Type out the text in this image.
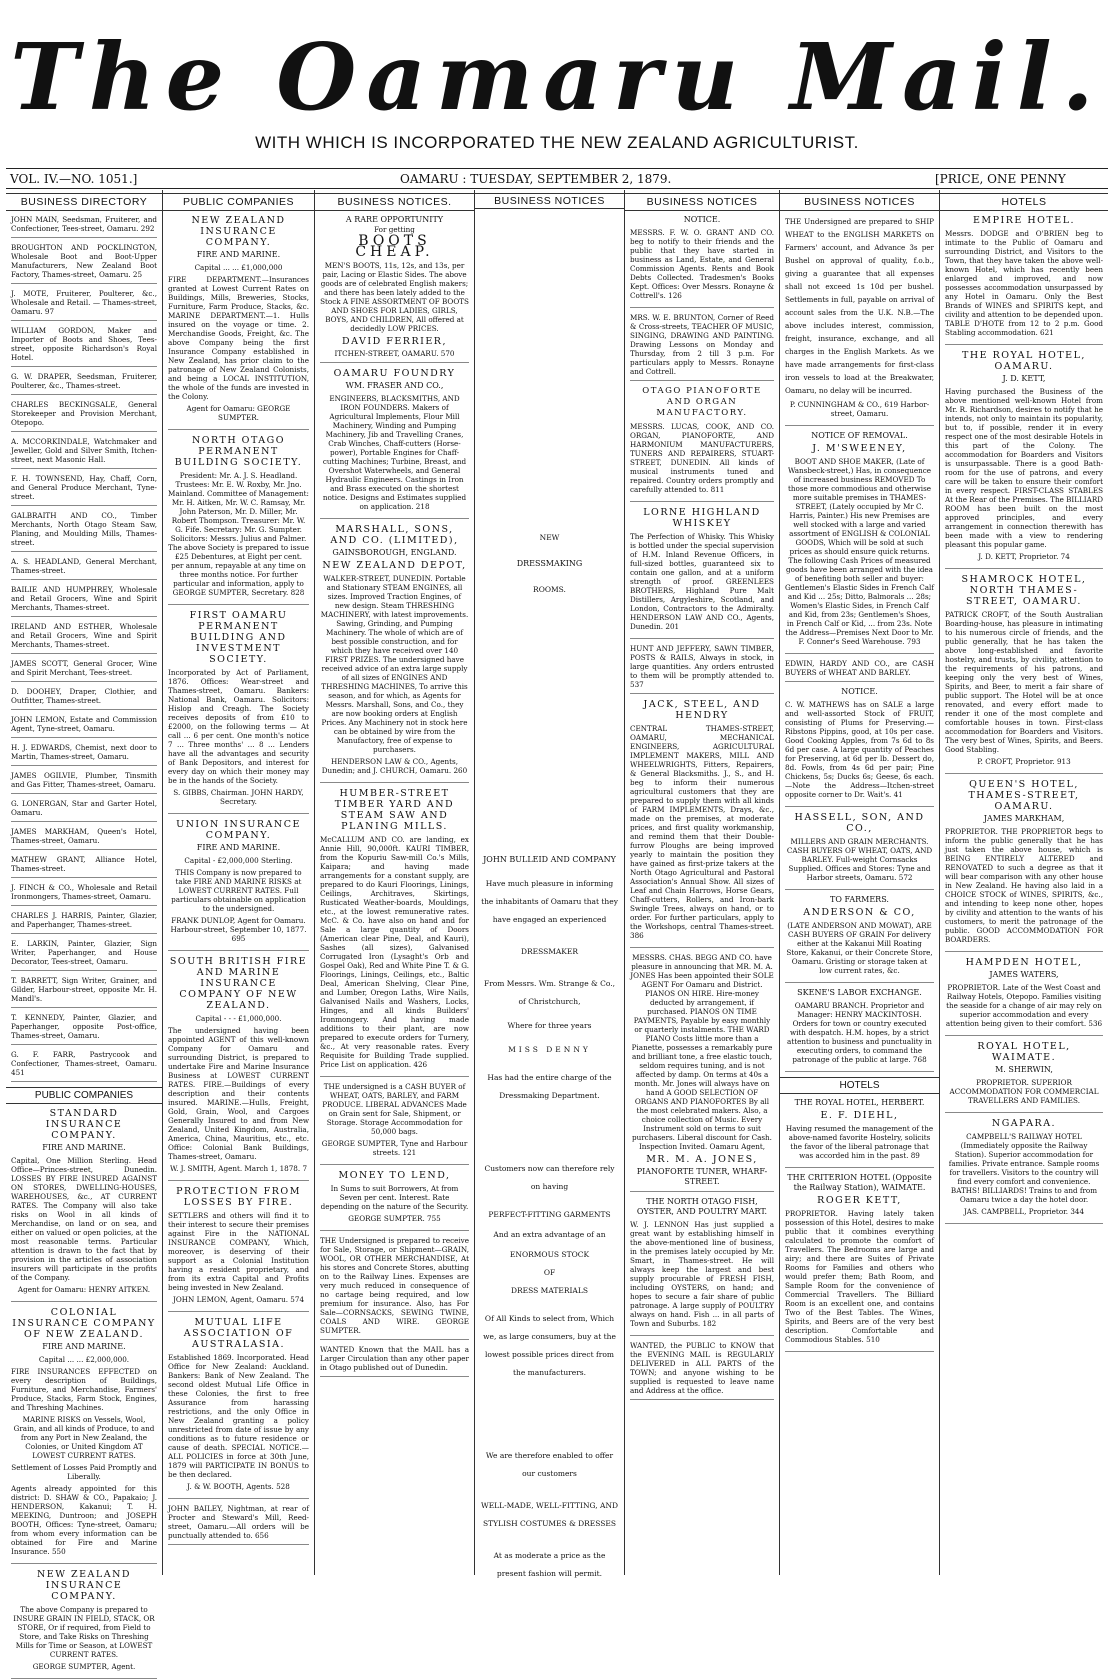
The Oamaru Mail.
WITH WHICH IS INCORPORATED THE NEW ZEALAND AGRICULTURIST.
VOL. IV.—NO. 1051.]	OAMARU : TUESDAY, SEPTEMBER 2, 1879.	[PRICE, ONE PENNY
BUSINESS DIRECTORY
JOHN MAIN, Seedsman, Fruiterer, and Confectioner, Tees-street, Oamaru. 292
BROUGHTON AND POCKLINGTON, Wholesale Boot and Boot-Upper Manufacturers, New Zealand Boot Factory, Thames-street, Oamaru. 25
J. MOTE, Fruiterer, Poulterer, &c., Wholesale and Retail. — Thames-street, Oamaru. 97
WILLIAM GORDON, Maker and Importer of Boots and Shoes, Tees-street, opposite Richardson's Royal Hotel.
G. W. DRAPER, Seedsman, Fruiterer, Poulterer, &c., Thames-street.
CHARLES BECKINGSALE, General Storekeeper and Provision Merchant, Otepopo.
A. MCCORKINDALE, Watchmaker and Jeweller, Gold and Silver Smith, Itchen-street, next Masonic Hall.
F. H. TOWNSEND, Hay, Chaff, Corn, and General Produce Merchant, Tyne-street.
GALBRAITH AND CO., Timber Merchants, North Otago Steam Saw, Planing, and Moulding Mills, Thames-street.
A. S. HEADLAND, General Merchant, Thames-street.
BAILIE AND HUMPHREY, Wholesale and Retail Grocers, Wine and Spirit Merchants, Thames-street.
IRELAND AND ESTHER, Wholesale and Retail Grocers, Wine and Spirit Merchants, Thames-street.
JAMES SCOTT, General Grocer, Wine and Spirit Merchant, Tees-street.
D. DOOHEY, Draper, Clothier, and Outfitter, Thames-street.
JOHN LEMON, Estate and Commission Agent, Tyne-street, Oamaru.
H. J. EDWARDS, Chemist, next door to Martin, Thames-street, Oamaru.
JAMES OGILVIE, Plumber, Tinsmith and Gas Fitter, Thames-street, Oamaru.
G. LONERGAN, Star and Garter Hotel, Oamaru.
JAMES MARKHAM, Queen's Hotel, Thames-street, Oamaru.
MATHEW GRANT, Alliance Hotel, Thames-street.
J. FINCH & CO., Wholesale and Retail Ironmongers, Thames-street, Oamaru.
CHARLES J. HARRIS, Painter, Glazier, and Paperhanger, Thames-street.
E. LARKIN, Painter, Glazier, Sign Writer, Paperhanger, and House Decorator, Tees-street, Oamaru.
T. BARRETT, Sign Writer, Grainer, and Gilder, Harbour-street, opposite Mr. H. Mandl's.
T. KENNEDY, Painter, Glazier, and Paperhanger, opposite Post-office, Thames-street, Oamaru.
G. F. FARR, Pastrycook and Confectioner, Thames-street, Oamaru. 451
PUBLIC COMPANIES
STANDARD INSURANCE COMPANY.
FIRE AND MARINE.

Capital, One Million Sterling. Head Office—Princes-street, Dunedin. LOSSES BY FIRE INSURED AGAINST ON STORES, DWELLING-HOUSES, WAREHOUSES, &c., AT CURRENT RATES. The Company will also take risks on Wool in all kinds of Merchandise, on land or on sea, and either on valued or open policies, at the most reasonable terms. Particular attention is drawn to the fact that by provision in the articles of association insurers will participate in the profits of the Company.

Agent for Oamaru: HENRY AITKEN.

COLONIAL INSURANCE COMPANY OF NEW ZEALAND.
FIRE AND MARINE.

Capital ... ... £2,000,000.

FIRE INSURANCES EFFECTED on every description of Buildings, Furniture, and Merchandise, Farmers' Produce, Stacks, Farm Stock, Engines, and Threshing Machines.

MARINE RISKS on Vessels, Wool, Grain, and all kinds of Produce, to and from any Port in New Zealand, the Colonies, or United Kingdom AT LOWEST CURRENT RATES.

Settlement of Losses Paid Promptly and Liberally.

Agents already appointed for this district: D. SHAW & CO., Papakaio; J. HENDERSON, Kakanui; T. H. MEEKING, Duntroon; and JOSEPH BOOTH, Offices: Tyne-street, Oamaru; from whom every information can be obtained for Fire and Marine Insurance. 550

NEW ZEALAND INSURANCE COMPANY.

The above Company is prepared to INSURE GRAIN IN FIELD, STACK, OR STORE, Or if required, from Field to Store, and Take Risks on Threshing Mills for Time or Season, at LOWEST CURRENT RATES.

GEORGE SUMPTER, Agent.

PUBLIC COMPANIES
NEW ZEALAND INSURANCE COMPANY.
FIRE AND MARINE.

Capital ... ... £1,000,000

FIRE DEPARTMENT.—Insurances granted at Lowest Current Rates on Buildings, Mills, Breweries, Stocks, Furniture, Farm Produce, Stacks, &c. MARINE DEPARTMENT.—1. Hulls insured on the voyage or time. 2. Merchandise Goods, Freight, &c. The above Company being the first Insurance Company established in New Zealand, has prior claim to the patronage of New Zealand Colonists, and being a LOCAL INSTITUTION, the whole of the funds are invested in the Colony.

Agent for Oamaru: GEORGE SUMPTER.

NORTH OTAGO PERMANENT BUILDING SOCIETY.

President: Mr. A. J. S. Headland. Trustees: Mr. E. W. Roxby, Mr. Jno. Mainland. Committee of Management: Mr. H. Aitken, Mr. W. C. Ramsay, Mr. John Paterson, Mr. D. Miller, Mr. Robert Thompson. Treasurer: Mr. W. G. Fife. Secretary: Mr. G. Sumpter. Solicitors: Messrs. Julius and Palmer. The above Society is prepared to issue £25 Debentures, at Eight per cent. per annum, repayable at any time on three months notice. For further particular and information, apply to GEORGE SUMPTER, Secretary. 828

FIRST OAMARU PERMANENT BUILDING AND INVESTMENT SOCIETY.

Incorporated by Act of Parliament, 1876. Offices: Wear-street and Thames-street, Oamaru. Bankers: National Bank, Oamaru. Solicitors: Hislop and Creagh. The Society receives deposits of from £10 to £2000, on the following terms — At call ... 6 per cent. One month's notice 7 ... Three months' ... 8 ... Lenders have all the advantages and security of Bank Depositors, and interest for every day on which their money may be in the hands of the Society.

S. GIBBS, Chairman. JOHN HARDY, Secretary.

UNION INSURANCE COMPANY.
FIRE AND MARINE.

Capital - £2,000,000 Sterling.

THIS Company is now prepared to take FIRE AND MARINE RISKS at LOWEST CURRENT RATES. Full particulars obtainable on application to the undersigned.

FRANK DUNLOP, Agent for Oamaru. Harbour-street, September 10, 1877. 695

SOUTH BRITISH FIRE AND MARINE INSURANCE COMPANY OF NEW ZEALAND.

Capital - - - £1,000,000.

The undersigned having been appointed AGENT of this well-known Company for Oamaru and surrounding District, is prepared to undertake Fire and Marine Insurance Business at LOWEST CURRENT RATES. FIRE.—Buildings of every description and their contents insured. MARINE.—Hulls, Freight, Gold, Grain, Wool, and Cargoes Generally Insured to and from New Zealand, United Kingdom, Australia, America, China, Mauritius, etc., etc. Office: Colonial Bank Buildings, Thames-street, Oamaru.

W. J. SMITH, Agent. March 1, 1878. 7

PROTECTION FROM LOSSES BY FIRE.

SETTLERS and others will find it to their interest to secure their premises against Fire in the NATIONAL INSURANCE COMPANY, Which, moreover, is deserving of their support as a Colonial Institution having a resident proprietary, and from its extra Capital and Profits being invested in New Zealand.

JOHN LEMON, Agent, Oamaru. 574

MUTUAL LIFE ASSOCIATION OF AUSTRALASIA.

Established 1869. Incorporated. Head Office for New Zealand: Auckland. Bankers: Bank of New Zealand. The second oldest Mutual Life Office in these Colonies, the first to free Assurance from harassing restrictions, and the only Office in New Zealand granting a policy unrestricted from date of issue by any conditions as to future residence or cause of death. SPECIAL NOTICE.—ALL POLICIES in force at 30th June, 1879 will PARTICIPATE IN BONUS to be then declared.

J. & W. BOOTH, Agents. 528

JOHN BAILEY, Nightman, at rear of Procter and Steward's Mill, Reed-street, Oamaru.—All orders will be punctually attended to. 656
BUSINESS NOTICES.
A RARE OPPORTUNITY
For getting
BOOTS CHEAP.

MEN'S BOOTS, 11s, 12s, and 13s, per pair, Lacing or Elastic Sides. The above goods are of celebrated English makers; and there has been lately added to the Stock A FINE ASSORTMENT OF BOOTS AND SHOES FOR LADIES, GIRLS, BOYS, AND CHILDREN, All offered at decidedly LOW PRICES.

DAVID FERRIER,
ITCHEN-STREET, OAMARU. 570
OAMARU FOUNDRY
WM. FRASER AND CO.,

ENGINEERS, BLACKSMITHS, AND IRON FOUNDERS. Makers of Agricultural Implements, Flour Mill Machinery, Winding and Pumping Machinery, Jib and Travelling Cranes, Crab Winches, Chaff-cutters (Horse-power), Portable Engines for Chaff-cutting Machines; Turbine, Breast, and Overshot Waterwheels, and General Hydraulic Engineers. Castings in Iron and Brass executed on the shortest notice. Designs and Estimates supplied on application. 218

MARSHALL, SONS, AND CO. (LIMITED),
GAINSBOROUGH, ENGLAND.
NEW ZEALAND DEPOT,

WALKER-STREET, DUNEDIN. Portable and Stationary STEAM ENGINES, all sizes. Improved Traction Engines, of new design. Steam THRESHING MACHINERY, with latest improvements. Sawing, Grinding, and Pumping Machinery. The whole of which are of best possible construction, and for which they have received over 140 FIRST PRIZES. The undersigned have received advice of an extra large supply of all sizes of ENGINES AND THRESHING MACHINES, To arrive this season, and for which, as Agents for Messrs. Marshall, Sons, and Co., they are now booking orders at English Prices. Any Machinery not in stock here can be obtained by wire from the Manufactory, free of expense to purchasers.

HENDERSON LAW & CO., Agents, Dunedin; and J. CHURCH, Oamaru. 260

HUMBER-STREET TIMBER YARD AND STEAM SAW AND PLANING MILLS.

McCALLUM AND CO. are landing, ex Annie Hill, 90,000ft. KAURI TIMBER, from the Kopuriu Saw-mill Co.'s Mills, Kaipara; and having made arrangements for a constant supply, are prepared to do Kauri Floorings, Linings, Ceilings, Architraves, Skirtings, Rusticated Weather-boards, Mouldings, etc., at the lowest remunerative rates. McC. & Co. have also on hand and for Sale a large quantity of Doors (American clear Pine, Deal, and Kauri), Sashes (all sizes), Galvanised Corrugated Iron (Lysaght's Orb and Gospel Oak), Red and White Pine T. & G. Floorings, Linings, Ceilings, etc., Baltic Deal, American Shelving, Clear Pine, and Lumber, Oregon Laths, Wire Nails, Galvanised Nails and Washers, Locks, Hinges, and all kinds Builders' Ironmongery. And having made additions to their plant, are now prepared to execute orders for Turnery, &c., At very reasonable rates. Every Requisite for Building Trade supplied. Price List on application. 426

THE undersigned is a CASH BUYER of WHEAT, OATS, BARLEY, and FARM PRODUCE. LIBERAL ADVANCES Made on Grain sent for Sale, Shipment, or Storage. Storage Accommodation for 50,000 bags.

GEORGE SUMPTER, Tyne and Harbour streets. 121

MONEY TO LEND,

In Sums to suit Borrowers, At from Seven per cent. Interest. Rate depending on the nature of the Security.

GEORGE SUMPTER. 755

THE Undersigned is prepared to receive for Sale, Storage, or Shipment—GRAIN, WOOL, OR OTHER MERCHANDISE, At his stores and Concrete Stores, abutting on to the Railway Lines. Expenses are very much reduced in consequence of no cartage being required, and low premium for insurance. Also, has For Sale—CORNSACKS, SEWING TWINE, COALS AND WIRE. GEORGE SUMPTER.
WANTED Known that the MAIL has a Larger Circulation than any other paper in Otago published out of Dunedin.
BUSINESS NOTICES
NEW
DRESSMAKING
ROOMS.
JOHN BULLEID AND COMPANY

Have much pleasure in informing the inhabitants of Oamaru that they have engaged an experienced

DRESSMAKER

From Messrs. Wm. Strange & Co., of Christchurch,

Where for three years

MISS DENNY

Has had the entire charge of the Dressmaking Department.

Customers now can therefore rely on having

PERFECT-FITTING GARMENTS

And an extra advantage of an

ENORMOUS STOCK

OF

DRESS MATERIALS

Of All Kinds to select from, Which we, as large consumers, buy at the lowest possible prices direct from the manufacturers.

We are therefore enabled to offer our customers

WELL-MADE, WELL-FITTING, AND STYLISH COSTUMES & DRESSES

At as moderate a price as the present fashion will permit.

BUSINESS NOTICES
NOTICE.

MESSRS. F. W. O. GRANT AND CO. beg to notify to their friends and the public that they have started in business as Land, Estate, and General Commission Agents. Rents and Book Debts Collected. Tradesmen's Books Kept. Offices: Over Messrs. Ronayne & Cottrell's. 126

MRS. W. E. BRUNTON, Corner of Reed & Cross-streets, TEACHER OF MUSIC, SINGING, DRAWING AND PAINTING. Drawing Lessons on Monday and Thursday, from 2 till 3 p.m. For particulars apply to Messrs. Ronayne and Cottrell.
OTAGO PIANOFORTE AND ORGAN MANUFACTORY.

MESSRS. LUCAS, COOK, AND CO. ORGAN, PIANOFORTE, AND HARMONIUM MANUFACTURERS, TUNERS AND REPAIRERS, STUART-STREET, DUNEDIN. All kinds of musical instruments tuned and repaired. Country orders promptly and carefully attended to. 811

LORNE HIGHLAND WHISKEY

The Perfection of Whisky. This Whisky is bottled under the special supervision of H.M. Inland Revenue Officers, in full-sized bottles, guaranteed six to contain one gallon, and at a uniform strength of proof. GREENLEES BROTHERS, Highland Pure Malt Distillers, Argyleshire, Scotland, and London, Contractors to the Admiralty. HENDERSON LAW AND CO., Agents, Dunedin. 201

HUNT AND JEFFERY, SAWN TIMBER, POSTS & RAILS, Always in stock, in large quantities. Any orders entrusted to them will be promptly attended to. 537
JACK, STEEL, AND HENDRY

CENTRAL THAMES-STREET, OAMARU, MECHANICAL ENGINEERS, AGRICULTURAL IMPLEMENT MAKERS, MILL AND WHEELWRIGHTS, Fitters, Repairers, & General Blacksmiths. J., S., and H. beg to inform their numerous agricultural customers that they are prepared to supply them with all kinds of FARM IMPLEMENTS, Drays, &c., made on the premises, at moderate prices, and first quality workmanship, and remind them that their Double-furrow Ploughs are being improved yearly to maintain the position they have gained as first-prize takers at the North Otago Agricultural and Pastoral Association's Annual Show. All sizes of Leaf and Chain Harrows, Horse Gears, Chaff-cutters, Rollers, and Iron-bark Swingle Trees, always on hand, or to order. For further particulars, apply to the Workshops, central Thames-street. 386

MESSRS. CHAS. BEGG AND CO. have pleasure in announcing that MR. M. A. JONES Has been appointed their SOLE AGENT For Oamaru and District. PIANOS ON HIRE. Hire-money deducted by arrangement, if purchased. PIANOS ON TIME PAYMENTS, Payable by easy monthly or quarterly instalments. THE WARD PIANO Costs little more than a Pianette, possesses a remarkably pure and brilliant tone, a free elastic touch, seldom requires tuning, and is not affected by damp. On terms at 40s a month. Mr. Jones will always have on hand A GOOD SELECTION OF ORGANS AND PIANOFORTES By all the most celebrated makers. Also, a choice collection of Music. Every Instrument sold on terms to suit purchasers. Liberal discount for Cash. Inspection Invited. Oamaru Agent,

MR. M. A. JONES,
PIANOFORTE TUNER, WHARF-STREET.
THE NORTH OTAGO FISH, OYSTER, AND POULTRY MART.

W. J. LENNON Has just supplied a great want by establishing himself in the above-mentioned line of business, in the premises lately occupied by Mr. Smart, in Thames-street. He will always keep the largest and best supply procurable of FRESH FISH, including OYSTERS, on hand; and hopes to secure a fair share of public patronage. A large supply of POULTRY always on hand. Fish ... in all parts of Town and Suburbs. 182

WANTED, the PUBLIC to KNOW that the EVENING MAIL is REGULARLY DELIVERED in ALL PARTS of the TOWN; and anyone wishing to be supplied is requested to leave name and Address at the office.
BUSINESS NOTICES

THE Undersigned are prepared to SHIP WHEAT to the ENGLISH MARKETS on Farmers' account, and Advance 3s per Bushel on approval of quality, f.o.b., giving a guarantee that all expenses shall not exceed 1s 10d per bushel. Settlements in full, payable on arrival of account sales from the U.K. N.B.—The above includes interest, commission, freight, insurance, exchange, and all charges in the English Markets. As we have made arrangements for first-class iron vessels to load at the Breakwater, Oamaru, no delay will be incurred.

P. CUNNINGHAM & CO., 619 Harbor-street, Oamaru.

NOTICE OF REMOVAL.
J. M'SWEENEY,

BOOT AND SHOE MAKER, (Late of Wansbeck-street,) Has, in consequence of increased business REMOVED To those more commodious and otherwise more suitable premises in THAMES-STREET, (Lately occupied by Mr C. Harris, Painter.) His new Premises are well stocked with a large and varied assortment of ENGLISH & COLONIAL GOODS, Which will be sold at such prices as should ensure quick returns. The following Cash Prices of measured goods have been arranged with the idea of benefiting both seller and buyer: Gentlemen's Elastic Sides in French Calf and Kid ... 25s; Ditto, Balmorals ... 28s; Women's Elastic Sides, in French Calf and Kid, from 23s; Gentlemen's Shoes, in French Calf or Kid, ... from 23s. Note the Address—Premises Next Door to Mr. F. Conner's Seed Warehouse. 793

EDWIN, HARDY AND CO., are CASH BUYERS of WHEAT AND BARLEY.
NOTICE.

C. W. MATHEWS has on SALE a large and well-assorted Stock of FRUIT, consisting of Plums for Preserving.—Ribstons Pippins, good, at 10s per case. Good Cooking Apples, from 7s 6d to 8s 6d per case. A large quantity of Peaches for Preserving, at 6d per lb. Dessert do, 8d. Fowls, from 4s 6d per pair; Pine Chickens, 5s; Ducks 6s; Geese, 6s each.—Note the Address—Itchen-street opposite corner to Dr. Wait's. 41

HASSELL, SON, AND CO.,

MILLERS AND GRAIN MERCHANTS. CASH BUYERS OF WHEAT, OATS, AND BARLEY. Full-weight Cornsacks Supplied. Offices and Stores: Tyne and Harbor streets, Oamaru. 572

TO FARMERS.
ANDERSON & CO,

(LATE ANDERSON AND MOWAT), ARE CASH BUYERS OF GRAIN For delivery either at the Kakanui Mill Roating Store, Kakanui, or their Concrete Store, Oamaru. Gristing or storage taken at low current rates, &c.

SKENE'S LABOR EXCHANGE.

OAMARU BRANCH. Proprietor and Manager: HENRY MACKINTOSH. Orders for town or country executed with despatch. H.M. hopes, by a strict attention to business and punctuality in executing orders, to command the patronage of the public at large. 768

HOTELS
THE ROYAL HOTEL, HERBERT.
E. F. DIEHL,

Having resumed the management of the above-named favorite Hostelry, solicits the favor of the liberal patronage that was accorded him in the past. 89

THE CRITERION HOTEL (Opposite the Railway Station), WAIMATE.
ROGER KETT,

PROPRIETOR. Having lately taken possession of this Hotel, desires to make public that it combines everything calculated to promote the comfort of Travellers. The Bedrooms are large and airy; and there are Suites of Private Rooms for Families and others who would prefer them; Bath Room, and Sample Room for the convenience of Commercial Travellers. The Billiard Room is an excellent one, and contains Two of the Best Tables. The Wines, Spirits, and Beers are of the very best description. Comfortable and Commodious Stables. 510

HOTELS
EMPIRE HOTEL.

Messrs. DODGE and O'BRIEN beg to intimate to the Public of Oamaru and surrounding District, and Visitors to the Town, that they have taken the above well-known Hotel, which has recently been enlarged and improved, and now possesses accommodation unsurpassed by any Hotel in Oamaru. Only the Best Brands of WINES and SPIRITS kept, and civility and attention to be depended upon. TABLE D'HOTE from 12 to 2 p.m. Good Stabling accommodation. 621

THE ROYAL HOTEL, OAMARU.
J. D. KETT,

Having purchased the Business of the above mentioned well-known Hotel from Mr. R. Richardson, desires to notify that he intends, not only to maintain its popularity, but to, if possible, render it in every respect one of the most desirable Hotels in this part of the Colony. The accommodation for Boarders and Visitors is unsurpassable. There is a good Bath-room for the use of patrons, and every care will be taken to ensure their comfort in every respect. FIRST-CLASS STABLES At the Rear of the Premises. The BILLIARD ROOM has been built on the most approved principles, and every arrangement in connection therewith has been made with a view to rendering pleasant this popular game.

J. D. KETT, Proprietor. 74

SHAMROCK HOTEL, NORTH THAMES-STREET, OAMARU.

PATRICK CROFT, of the South Australian Boarding-house, has pleasure in intimating to his numerous circle of friends, and the public generally, that he has taken the above long-established and favorite hostelry, and trusts, by civility, attention to the requirements of his patrons, and keeping only the very best of Wines, Spirits, and Beer, to merit a fair share of public support. The Hotel will be at once renovated, and every effort made to render it one of the most complete and comfortable houses in town. First-class accommodation for Boarders and Visitors. The very best of Wines, Spirits, and Beers. Good Stabling.

P. CROFT, Proprietor. 913

QUEEN'S HOTEL, THAMES-STREET, OAMARU.
JAMES MARKHAM,

PROPRIETOR. THE PROPRIETOR begs to inform the public generally that he has just taken the above house, which is BEING ENTIRELY ALTERED and RENOVATED to such a degree as that it will bear comparison with any other house in New Zealand. He having also laid in a CHOICE STOCK of WINES, SPIRITS, &c., and intending to keep none other, hopes by civility and attention to the wants of his customers, to merit the patronage of the public. GOOD ACCOMMODATION FOR BOARDERS.

HAMPDEN HOTEL,
JAMES WATERS,

PROPRIETOR. Late of the West Coast and Railway Hotels, Otepopo. Families visiting the seaside for a change of air may rely on superior accommodation and every attention being given to their comfort. 536

ROYAL HOTEL, WAIMATE.
M. SHERWIN,

PROPRIETOR. SUPERIOR ACCOMMODATION FOR COMMERCIAL TRAVELLERS AND FAMILIES.

NGAPARA.

CAMPBELL'S RAILWAY HOTEL (Immediately opposite the Railway Station). Superior accommodation for families. Private entrance. Sample rooms for travellers. Visitors to the country will find every comfort and convenience. BATHS! BILLIARDS! Trains to and from Oamaru twice a day the hotel door.

JAS. CAMPBELL, Proprietor. 344
